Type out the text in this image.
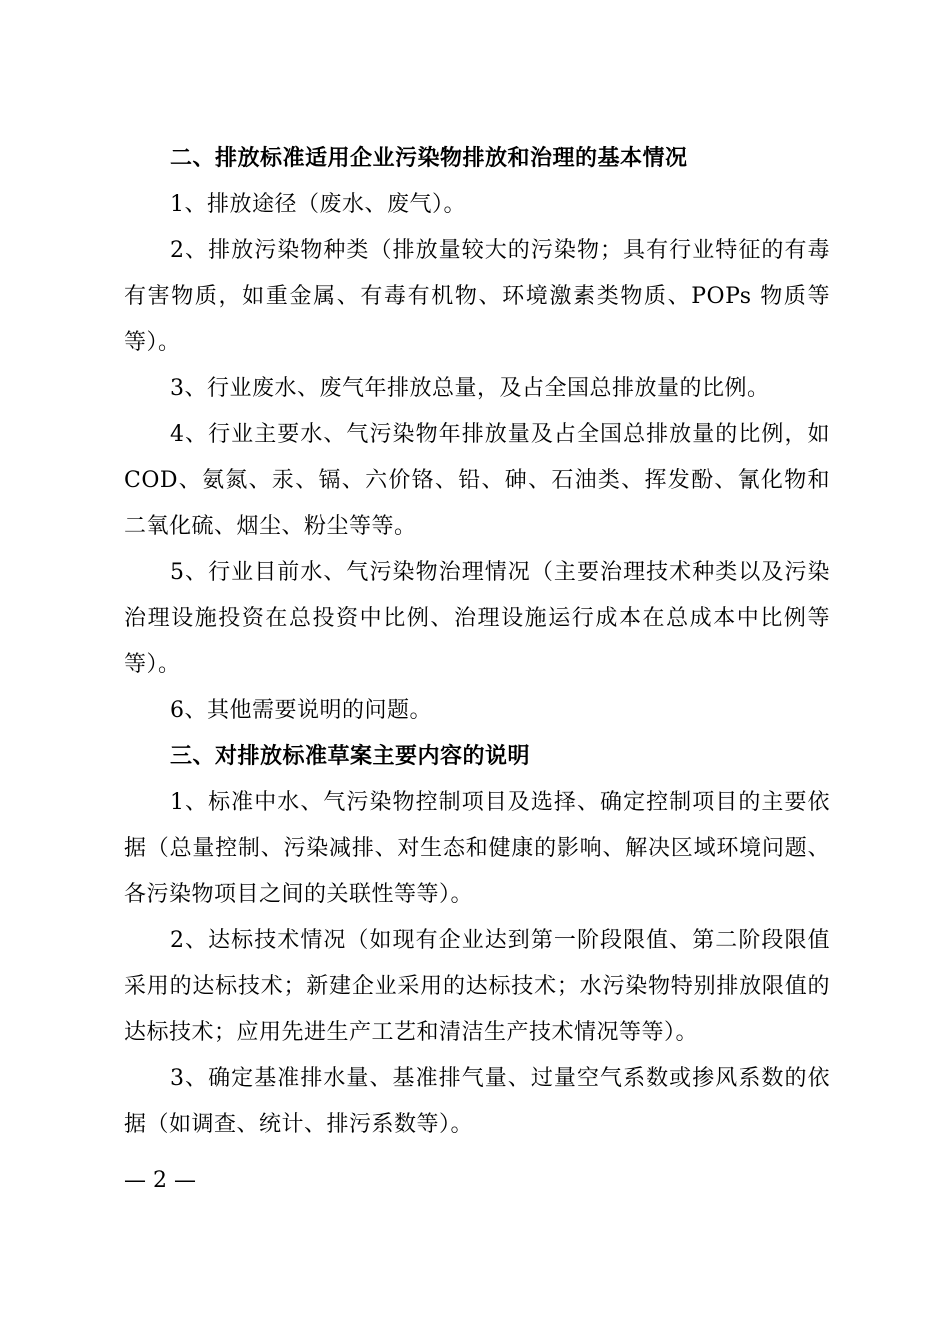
二、排放标准适用企业污染物排放和治理的基本情况

1、排放途径（废水、废气）。

2、排放污染物种类（排放量较大的污染物；具有行业特征的有毒有害物质，如重金属、有毒有机物、环境激素类物质、POPs 物质等等）。

3、行业废水、废气年排放总量，及占全国总排放量的比例。

4、行业主要水、气污染物年排放量及占全国总排放量的比例，如COD、氨氮、汞、镉、六价铬、铅、砷、石油类、挥发酚、氰化物和二氧化硫、烟尘、粉尘等等。

5、行业目前水、气污染物治理情况（主要治理技术种类以及污染治理设施投资在总投资中比例、治理设施运行成本在总成本中比例等等）。

6、其他需要说明的问题。

三、对排放标准草案主要内容的说明

1、标准中水、气污染物控制项目及选择、确定控制项目的主要依据（总量控制、污染减排、对生态和健康的影响、解决区域环境问题、各污染物项目之间的关联性等等）。

2、达标技术情况（如现有企业达到第一阶段限值、第二阶段限值采用的达标技术；新建企业采用的达标技术；水污染物特别排放限值的达标技术；应用先进生产工艺和清洁生产技术情况等等）。

3、确定基准排水量、基准排气量、过量空气系数或掺风系数的依据（如调查、统计、排污系数等）。

— 2 —
